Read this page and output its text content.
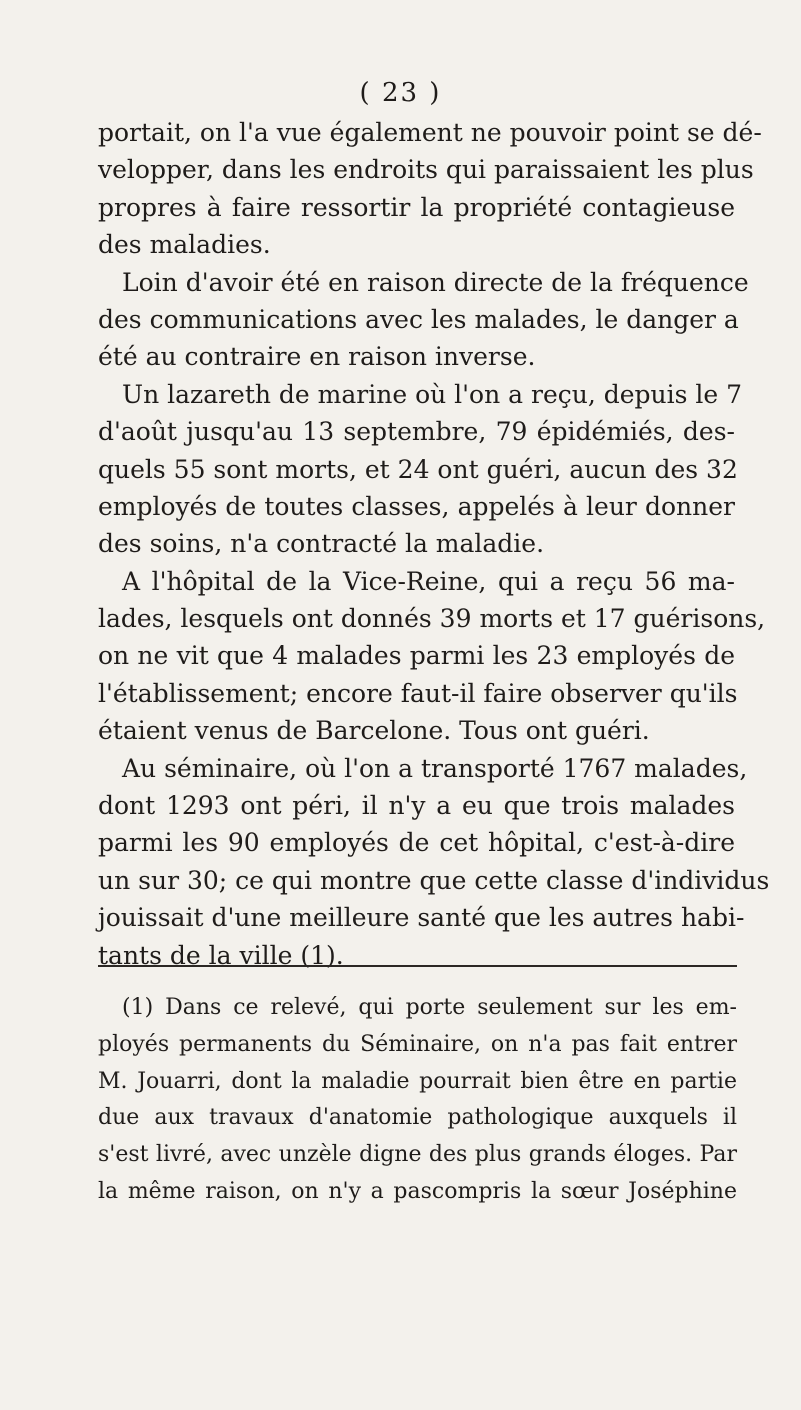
( 23 )
portait, on l'a vue également ne pouvoir point se dé-
velopper, dans les endroits qui paraissaient les plus
propres à faire ressortir la propriété contagieuse
des maladies.
Loin d'avoir été en raison directe de la fréquence
des communications avec les malades, le danger a
été au contraire en raison inverse.
Un lazareth de marine où l'on a reçu, depuis le 7
d'août jusqu'au 13 septembre, 79 épidémiés, des-
quels 55 sont morts, et 24 ont guéri, aucun des 32
employés de toutes classes, appelés à leur donner
des soins, n'a contracté la maladie.
A l'hôpital de la Vice-Reine, qui a reçu 56 ma-
lades, lesquels ont donnés 39 morts et 17 guérisons,
on ne vit que 4 malades parmi les 23 employés de
l'établissement; encore faut-il faire observer qu'ils
étaient venus de Barcelone. Tous ont guéri.
Au séminaire, où l'on a transporté 1767 malades,
dont 1293 ont péri, il n'y a eu que trois malades
parmi les 90 employés de cet hôpital, c'est-à-dire
un sur 30; ce qui montre que cette classe d'individus
jouissait d'une meilleure santé que les autres habi-
tants de la ville (1).
(1) Dans ce relevé, qui porte seulement sur les em-
ployés permanents du Séminaire, on n'a pas fait entrer
M. Jouarri, dont la maladie pourrait bien être en partie
due aux travaux d'anatomie pathologique auxquels il
s'est livré, avec unzèle digne des plus grands éloges. Par
la même raison, on n'y a pascompris la sœur Joséphine
